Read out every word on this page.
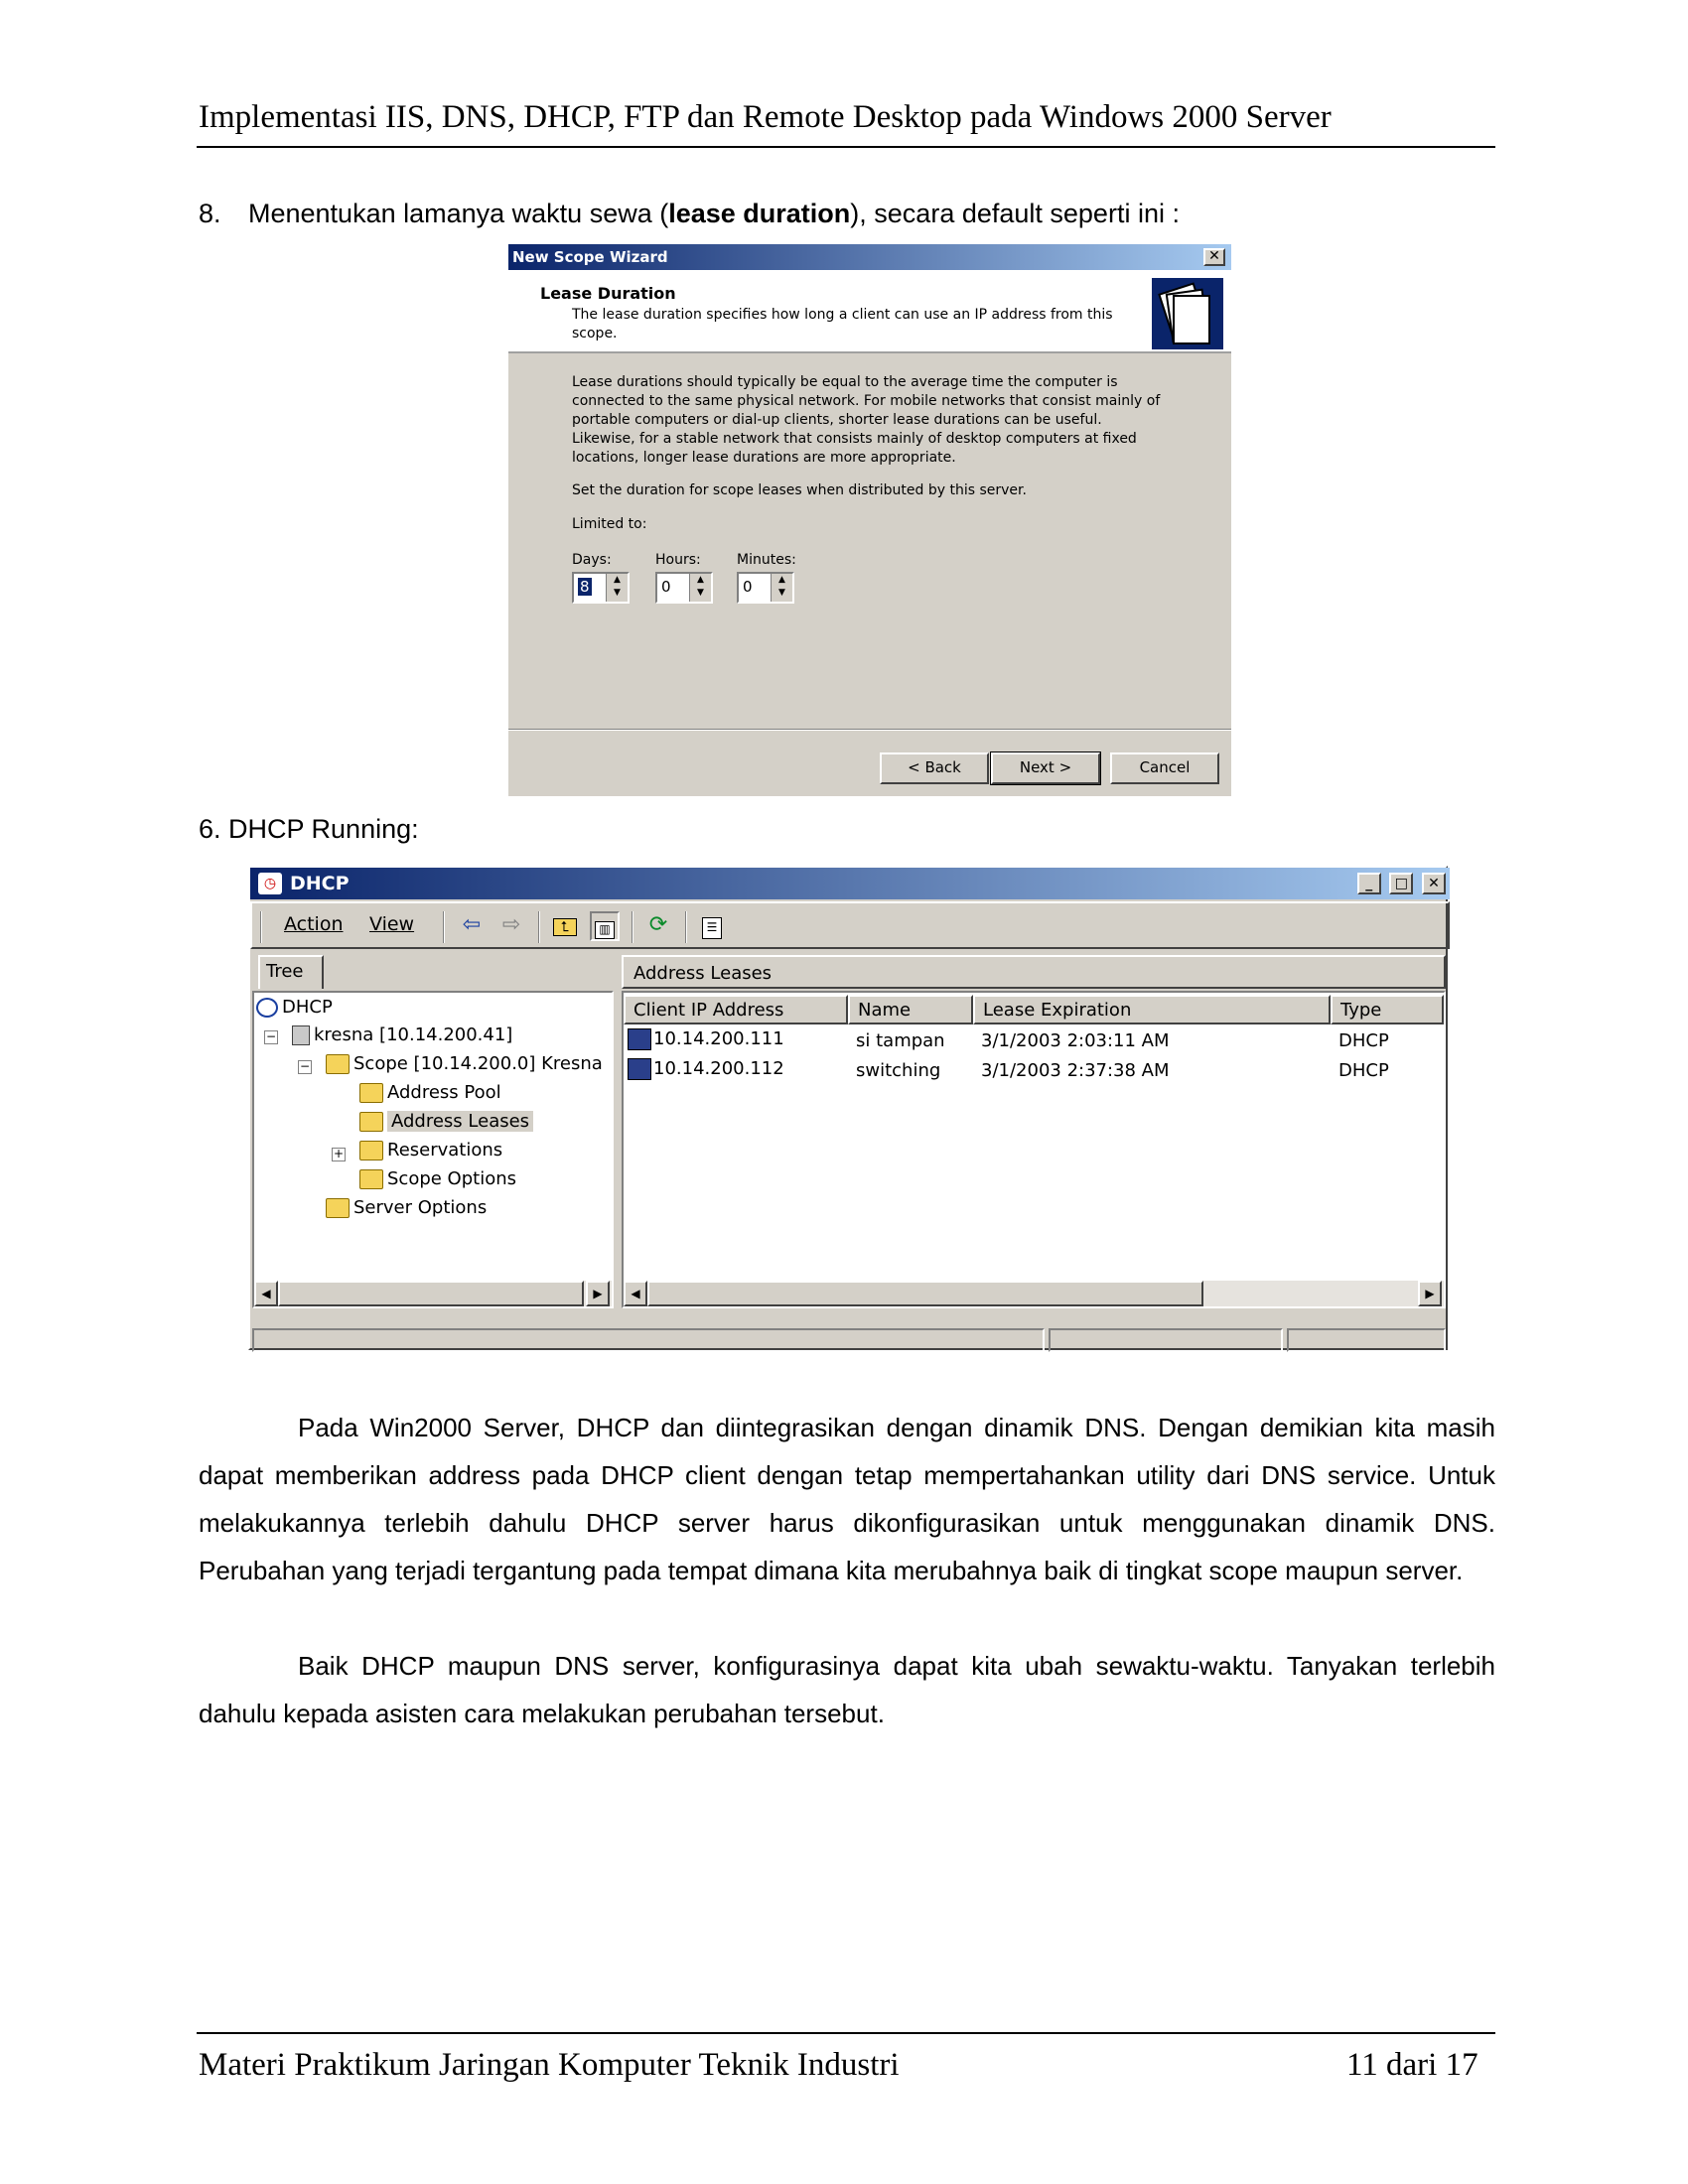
Implementasi IIS, DNS, DHCP, FTP dan Remote Desktop pada Windows 2000 Server
8. Menentukan lamanya waktu sewa (lease duration), secara default seperti ini :
New Scope Wizard	✕
Lease Duration
The lease duration specifies how long a client can use an IP address from this scope.
Lease durations should typically be equal to the average time the computer is connected to the same physical network. For mobile networks that consist mainly of portable computers or dial-up clients, shorter lease durations can be useful. Likewise, for a stable network that consists mainly of desktop computers at fixed locations, longer lease durations are more appropriate.
Set the duration for scope leases when distributed by this server.
Limited to:
Days:	Hours:	Minutes:
8	▲
▼	0	▲
▼	0	▲
▼
< Back	Next >	Cancel
6. DHCP Running:
◷ DHCP	_ □ ✕
Action View ⇦ ⇨	⮤	▥	⟳	☰
Tree	Address Leases
DHCP
−	kresna [10.14.200.41]
−	Scope [10.14.200.0] Kresna
Address Pool
Address Leases
+	Reservations
Scope Options
Server Options
◀	▶
Client IP Address	Name	Lease Expiration	Type
10.14.200.111	si tampan 3/1/2003 2:03:11 AM	DHCP
10.14.200.112	switching 3/1/2003 2:37:38 AM	DHCP
◀	▶
Pada Win2000 Server, DHCP dan diintegrasikan dengan dinamik DNS. Dengan demikian kita masih dapat memberikan address pada DHCP client dengan tetap mempertahankan utility dari DNS service. Untuk melakukannya terlebih dahulu DHCP server harus dikonfigurasikan untuk menggunakan dinamik DNS. Perubahan yang terjadi tergantung pada tempat dimana kita merubahnya baik di tingkat scope maupun server.
Baik DHCP maupun DNS server, konfigurasinya dapat kita ubah sewaktu-waktu. Tanyakan terlebih dahulu kepada asisten cara melakukan perubahan tersebut.
Materi Praktikum Jaringan Komputer Teknik Industri	11 dari 17
